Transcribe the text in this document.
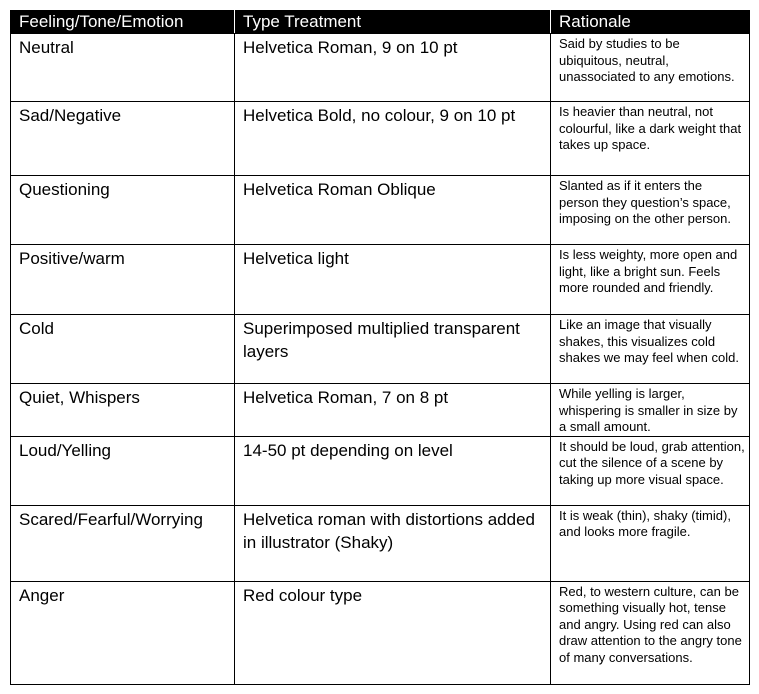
Feeling/Tone/Emotion	Type Treatment	Rationale
Neutral	Helvetica Roman, 9 on 10 pt	Said by studies to be ubiquitous, neutral, unassociated to any emotions.
Sad/Negative	Helvetica Bold, no colour, 9 on 10 pt	Is heavier than neutral, not colourful, like a dark weight that takes up space.
Questioning	Helvetica Roman Oblique	Slanted as if it enters the person they question’s space, imposing on the other person.
Positive/warm	Helvetica light	Is less weighty, more open and light, like a bright sun. Feels more rounded and friendly.
Cold	Superimposed multiplied transparent layers	Like an image that visually shakes, this visualizes cold shakes we may feel when cold.
Quiet, Whispers	Helvetica Roman, 7 on 8 pt	While yelling is larger, whispering is smaller in size by a small amount.
Loud/Yelling	14-50 pt depending on level	It should be loud, grab attention, cut the silence of a scene by taking up more visual space.
Scared/Fearful/Worrying	Helvetica roman with distortions added in illustrator (Shaky)	It is weak (thin), shaky (timid), and looks more fragile.
Anger	Red colour type	Red, to western culture, can be something visually hot, tense and angry. Using red can also draw attention to the angry tone of many conversations.
